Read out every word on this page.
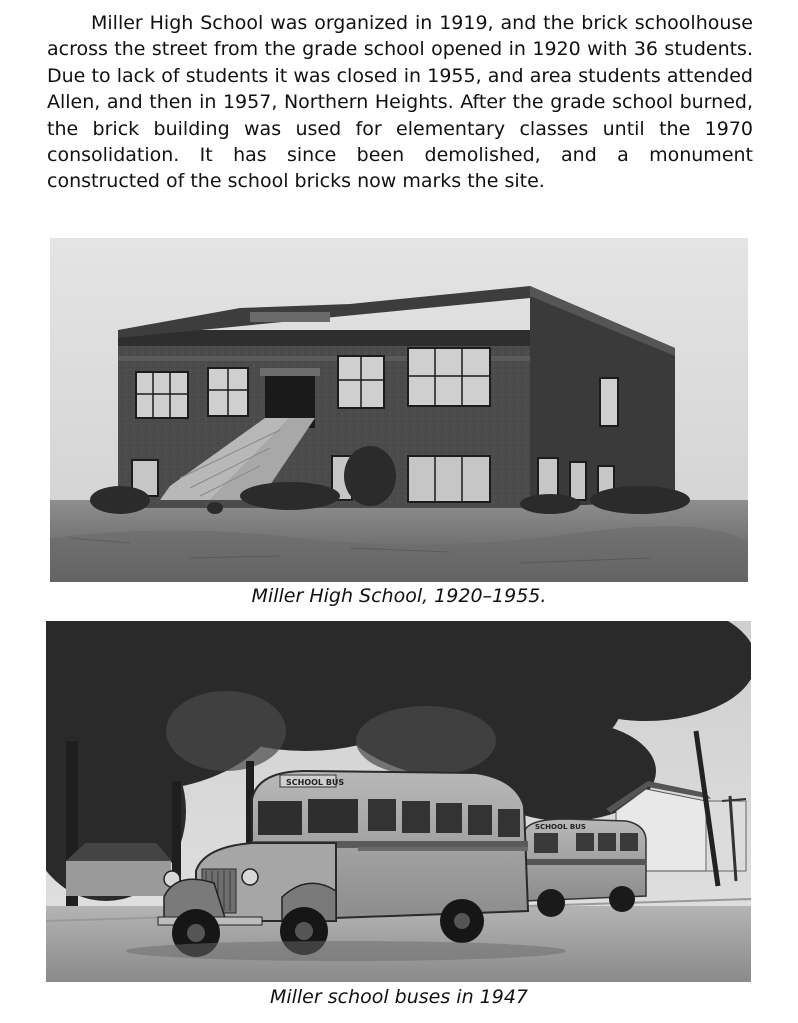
Miller High School was organized in 1919, and the brick schoolhouse across the street from the grade school opened in 1920 with 36 students. Due to lack of students it was closed in 1955, and area students attended Allen, and then in 1957, Northern Heights. After the grade school burned, the brick building was used for elementary classes until the 1970 consolidation. It has since been demolished, and a monument constructed of the school bricks now marks the site.

Miller High School, 1920–1955.

SCHOOL BUS
SCHOOL BUS

Miller school buses in 1947
